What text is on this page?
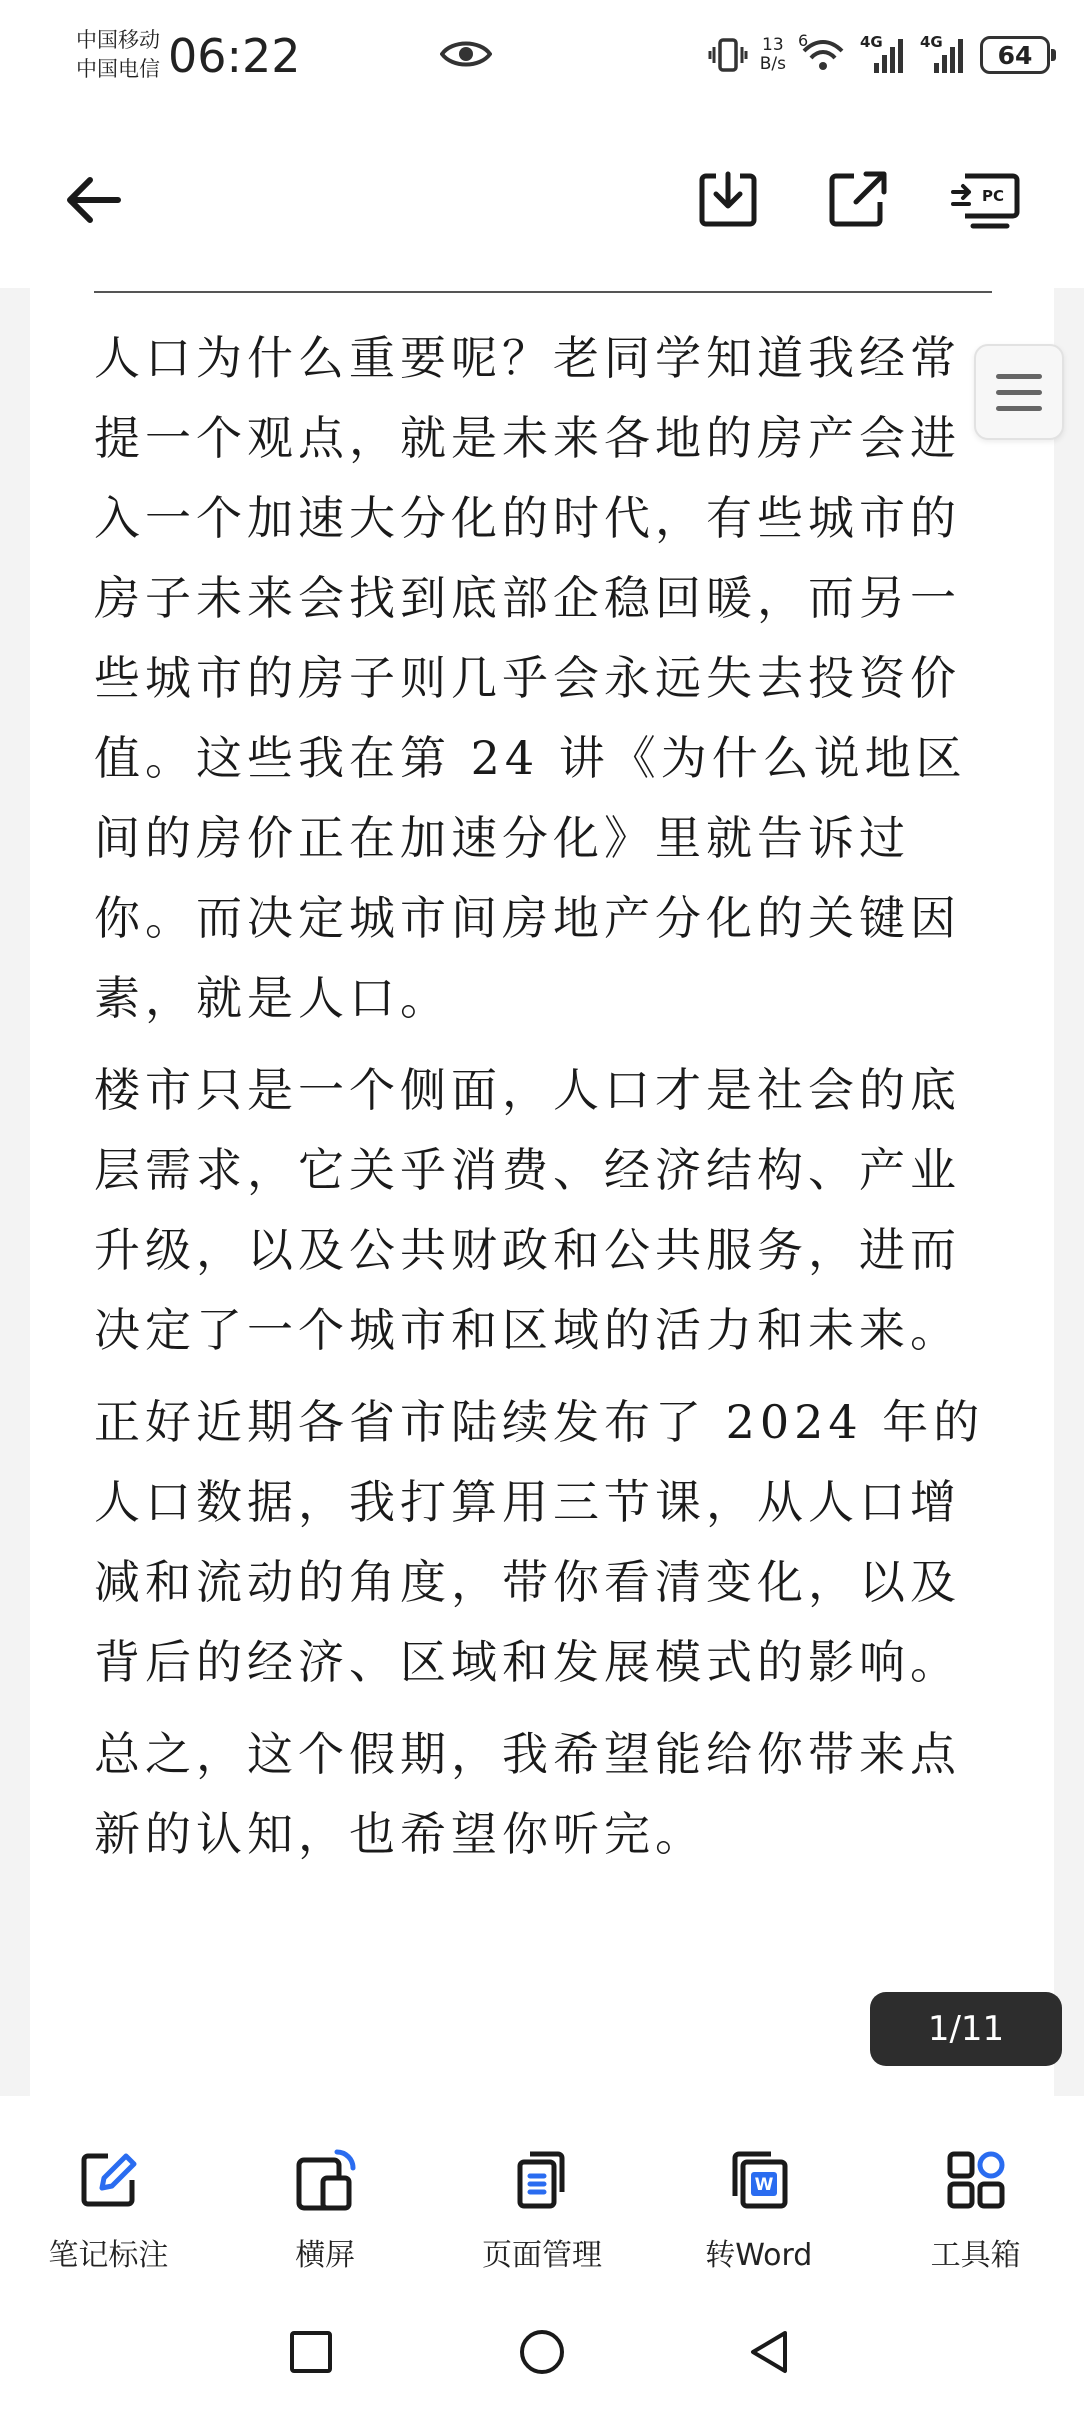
中国移动
中国电信 06:22	13
B/s
6	4G 4G	64
PC

人口为什么重要呢？老同学知道我经常提一个观点，就是未来各地的房产会进入一个加速大分化的时代，有些城市的房子未来会找到底部企稳回暖，而另一些城市的房子则几乎会永远失去投资价值。这些我在第 24 讲《为什么说地区间的房价正在加速分化》里就告诉过你。而决定城市间房地产分化的关键因素，就是人口。

楼市只是一个侧面，人口才是社会的底层需求，它关乎消费、经济结构、产业升级，以及公共财政和公共服务，进而决定了一个城市和区域的活力和未来。

正好近期各省市陆续发布了 2024 年的人口数据，我打算用三节课，从人口增减和流动的角度，带你看清变化，以及背后的经济、区域和发展模式的影响。

总之，这个假期，我希望能给你带来点新的认知，也希望你听完。

1/11
笔记标注	横屏	页面管理
W
转Word	工具箱
